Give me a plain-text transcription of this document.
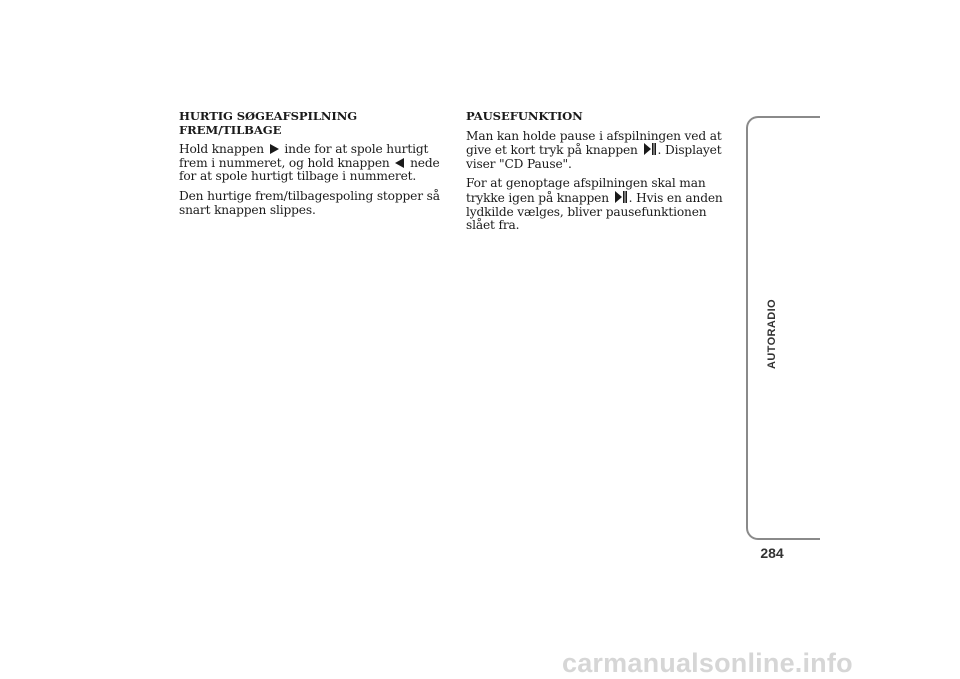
HURTIG SØGEAFSPILNING FREM/TILBAGE

Hold knappen inde for at spole hurtigt frem i nummeret, og hold knappen nede for at spole hurtigt tilbage i nummeret.

Den hurtige frem/tilbagespoling stopper så snart knappen slippes.

PAUSEFUNKTION

Man kan holde pause i afspilningen ved at give et kort tryk på knappen . Displayet viser "CD Pause".

For at genoptage afspilningen skal man trykke igen på knappen . Hvis en anden lydkilde vælges, bliver pausefunktionen slået fra.

AUTORADIO
284
carmanualsonline.info
